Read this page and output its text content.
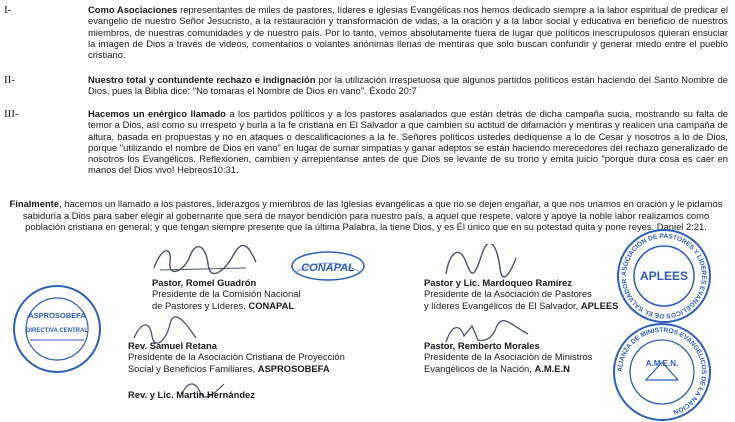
I-	Como Asociaciones representantes de miles de pastores, líderes e iglesias Evangélicas nos hemos dedicado siempre a la labor espiritual de predicar el evangelio de nuestro Señor Jesucristo, a la restauración y transformación de vidas, a la oración y a la labor social y educativa en beneficio de nuestros miembros, de nuestras comunidades y de nuestro país. Por lo tanto, vemos absolutamente fuera de lugar que políticos inescrupulosos quieran ensuciar la imagen de Dios a través de videos, comentarios o volantes anónimas llenas de mentiras que solo buscan confundir y generar miedo entre el pueblo cristiano.
II-	Nuestro total y contundente rechazo e indignación por la utilización irrespetuosa que algunos partidos políticos están haciendo del Santo Nombre de Dios, pues la Biblia dice: "No tomaras el Nombre de Dios en vano". Éxodo 20:7
III-	Hacemos un enérgico llamado a los partidos políticos y a los pastores asalariados que están detrás de dicha campaña sucia, mostrando su falta de temor a Dios, así como su irrespeto y burla a la fe cristiana en El Salvador a que cambien su actitud de difamación y mentiras y realicen una campaña de altura, basada en propuestas y no en ataques o descalificaciones a la fe. Señores políticos ustedes dedíquense a lo de Cesar y nosotros a lo de Dios, porque "utilizando el nombre de Dios en vano" en lugar de sumar simpatías y ganar adeptos se están haciendo merecedores del rechazo generalizado de nosotros los Evangélicos. Reflexionen, cambien y arrepiéntanse antes de que Dios se levante de su trono y emita juicio "porque dura cosa es caer en manos del Dios vivo! Hebreos10:31.
Finalmente, hacemos un llamado a los pastores, liderazgos y miembros de las Iglesias evangélicas a que no se dejen engañar, a que nos unamos en oración y le pidamos sabiduría a Dios para saber elegir al gobernante que será de mayor bendición para nuestro país, a aquel que respete, valore y apoye la noble labor realizamos como población cristiana en general; y que tengan siempre presente que la última Palabra, la tiene Dios, y es Él único que en su potestad quita y pone reyes. Daniel 2:21.
CONAPAL	ASOCIACIÓN DE PASTORES Y LÍDERES EVANGÉLICOS DE EL SALVADOR APLEES
ASPROSOBEFA
DIRECTIVA CENTRAL
ALIANZA DE MINISTROS EVANGÉLICOS DE LA NACIÓN
A.M.E.N.
Pastor, Romel Guadrón
Presidente de la Comisión Nacional
de Pastores y Líderes, CONAPAL
Pastor y Lic. Mardoqueo Ramírez
Presidente de la Asociación de Pastores
y líderes Evangélicos de El Salvador, APLEES
Rev. Samuel Retana
Presidente de la Asociación Cristiana de Proyección
Social y Beneficios Familiares, ASPROSOBEFA
Pastor, Remberto Morales
Presidente de la Asociación de Ministros
Evangélicos de la Nación, A.M.E.N
Rev. y Lic. Martin Hernández
